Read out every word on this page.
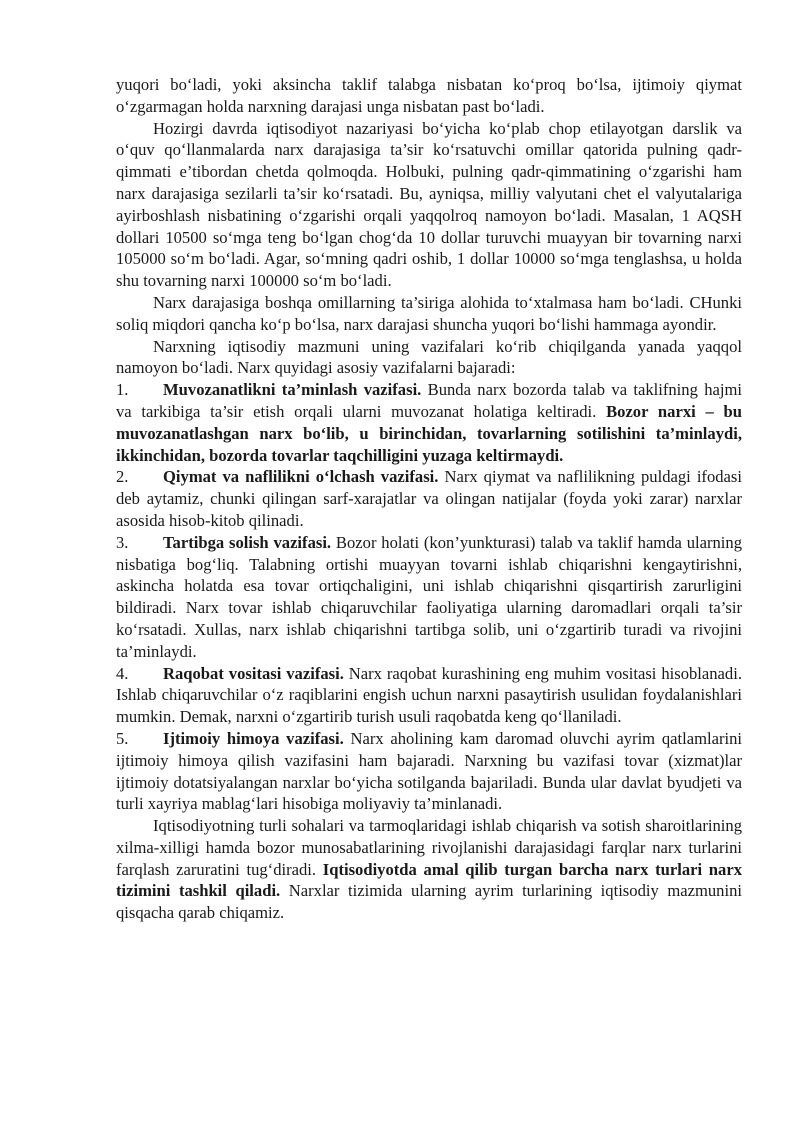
yuqori bo‘ladi, yoki aksincha taklif talabga nisbatan ko‘proq bo‘lsa, ijtimoiy qiymat o‘zgarmagan holda narxning darajasi unga nisbatan past bo‘ladi.

Hozirgi davrda iqtisodiyot nazariyasi bo‘yicha ko‘plab chop etilayotgan darslik va o‘quv qo‘llanmalarda narx darajasiga ta’sir ko‘rsatuvchi omillar qatorida pulning qadr-qimmati e’tibordan chetda qolmoqda. Holbuki, pulning qadr-qimmatining o‘zgarishi ham narx darajasiga sezilarli ta’sir ko‘rsatadi. Bu, ayniqsa, milliy valyutani chet el valyutalariga ayirboshlash nisbatining o‘zgarishi orqali yaqqolroq namoyon bo‘ladi. Masalan, 1 AQSH dollari 10500 so‘mga teng bo‘lgan chog‘da 10 dollar turuvchi muayyan bir tovarning narxi 105000 so‘m bo‘ladi. Agar, so‘mning qadri oshib, 1 dollar 10000 so‘mga tenglashsa, u holda shu tovarning narxi 100000 so‘m bo‘ladi.

Narx darajasiga boshqa omillarning ta’siriga alohida to‘xtalmasa ham bo‘ladi. CHunki soliq miqdori qancha ko‘p bo‘lsa, narx darajasi shuncha yuqori bo‘lishi hammaga ayondir.

Narxning iqtisodiy mazmuni uning vazifalari ko‘rib chiqilganda yanada yaqqol namoyon bo‘ladi. Narx quyidagi asosiy vazifalarni bajaradi:

1. Muvozanatlikni ta’minlash vazifasi. Bunda narx bozorda talab va taklifning hajmi va tarkibiga ta’sir etish orqali ularni muvozanat holatiga keltiradi. Bozor narxi – bu muvozanatlashgan narx bo‘lib, u birinchidan, tovarlarning sotilishini ta’minlaydi, ikkinchidan, bozorda tovarlar taqchilligini yuzaga keltirmaydi.

2. Qiymat va naflilikni o‘lchash vazifasi. Narx qiymat va naflilikning puldagi ifodasi deb aytamiz, chunki qilingan sarf-xarajatlar va olingan natijalar (foyda yoki zarar) narxlar asosida hisob-kitob qilinadi.

3. Tartibga solish vazifasi. Bozor holati (kon’yunkturasi) talab va taklif hamda ularning nisbatiga bog‘liq. Talabning ortishi muayyan tovarni ishlab chiqarishni kengaytirishni, askincha holatda esa tovar ortiqchaligini, uni ishlab chiqarishni qisqartirish zarurligini bildiradi. Narx tovar ishlab chiqaruvchilar faoliyatiga ularning daromadlari orqali ta’sir ko‘rsatadi. Xullas, narx ishlab chiqarishni tartibga solib, uni o‘zgartirib turadi va rivojini ta’minlaydi.

4. Raqobat vositasi vazifasi. Narx raqobat kurashining eng muhim vositasi hisoblanadi. Ishlab chiqaruvchilar o‘z raqiblarini engish uchun narxni pasaytirish usulidan foydalanishlari mumkin. Demak, narxni o‘zgartirib turish usuli raqobatda keng qo‘llaniladi.

5. Ijtimoiy himoya vazifasi. Narx aholining kam daromad oluvchi ayrim qatlamlarini ijtimoiy himoya qilish vazifasini ham bajaradi. Narxning bu vazifasi tovar (xizmat)lar ijtimoiy dotatsiyalangan narxlar bo‘yicha sotilganda bajariladi. Bunda ular davlat byudjeti va turli xayriya mablag‘lari hisobiga moliyaviy ta’minlanadi.

Iqtisodiyotning turli sohalari va tarmoqlaridagi ishlab chiqarish va sotish sharoitlarining xilma-xilligi hamda bozor munosabatlarining rivojlanishi darajasidagi farqlar narx turlarini farqlash zaruratini tug‘diradi. Iqtisodiyotda amal qilib turgan barcha narx turlari narx tizimini tashkil qiladi. Narxlar tizimida ularning ayrim turlarining iqtisodiy mazmunini qisqacha qarab chiqamiz.
